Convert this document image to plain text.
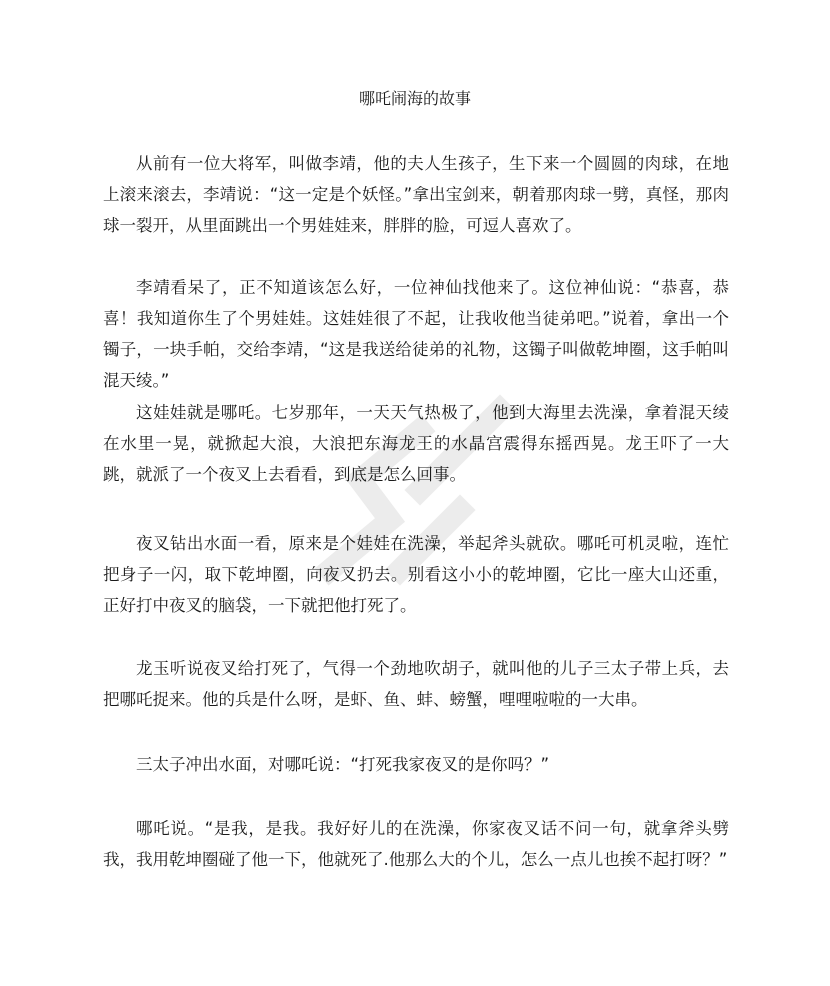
哪吒闹海的故事

从前有一位大将军，叫做李靖，他的夫人生孩子，生下来一个圆圆的肉球，在地上滚来滚去，李靖说：“这一定是个妖怪。”拿出宝剑来，朝着那肉球一劈，真怪，那肉球一裂开，从里面跳出一个男娃娃来，胖胖的脸，可逗人喜欢了。

李靖看呆了，正不知道该怎么好，一位神仙找他来了。这位神仙说：“恭喜，恭喜！我知道你生了个男娃娃。这娃娃很了不起，让我收他当徒弟吧。”说着，拿出一个镯子，一块手帕，交给李靖，“这是我送给徒弟的礼物，这镯子叫做乾坤圈，这手帕叫混天绫。”

这娃娃就是哪吒。七岁那年，一天天气热极了，他到大海里去洗澡，拿着混天绫在水里一晃，就掀起大浪，大浪把东海龙王的水晶宫震得东摇西晃。龙王吓了一大跳，就派了一个夜叉上去看看，到底是怎么回事。

夜叉钻出水面一看，原来是个娃娃在洗澡，举起斧头就砍。哪吒可机灵啦，连忙把身子一闪，取下乾坤圈，向夜叉扔去。别看这小小的乾坤圈，它比一座大山还重，正好打中夜叉的脑袋，一下就把他打死了。

龙玉听说夜叉给打死了，气得一个劲地吹胡子，就叫他的儿子三太子带上兵，去把哪吒捉来。他的兵是什么呀，是虾、鱼、蚌、螃蟹，哩哩啦啦的一大串。

三太子冲出水面，对哪吒说：“打死我家夜叉的是你吗？”

哪吒说。“是我，是我。我好好儿的在洗澡，你家夜叉话不问一句，就拿斧头劈我，我用乾坤圈碰了他一下，他就死了.他那么大的个儿，怎么一点儿也挨不起打呀？”
